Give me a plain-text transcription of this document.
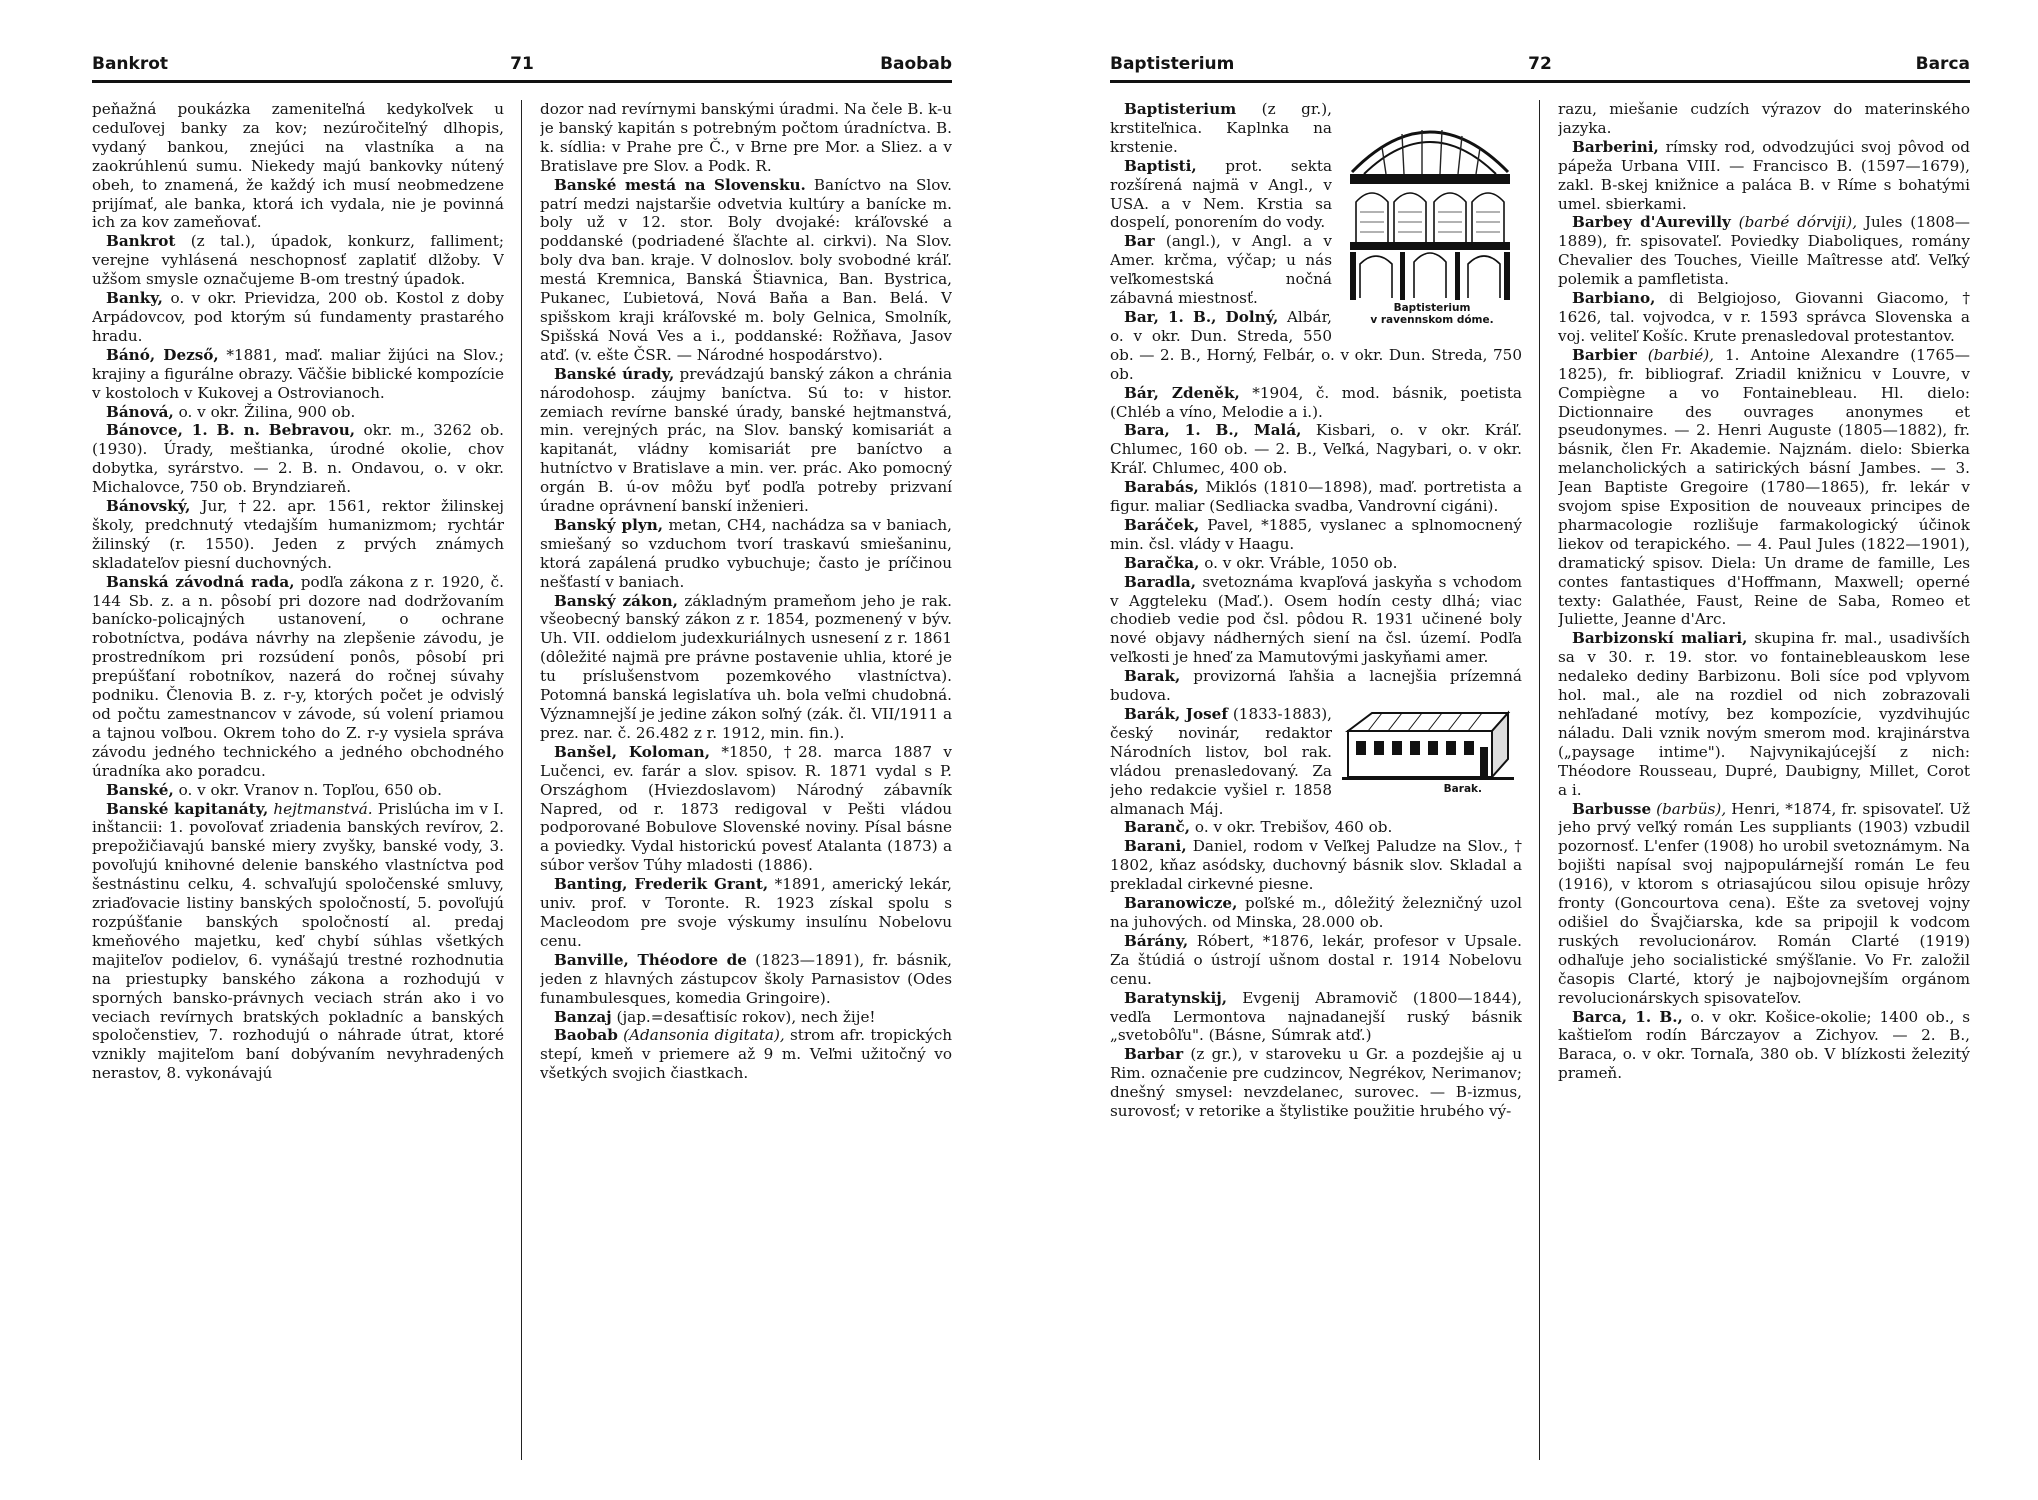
Bankrot	71	Baobab
peňažná poukázka zameniteľná kedykoľvek u ceduľovej banky za kov; nezúročiteľný dlhopis, vydaný bankou, znejúci na vlastníka a na zaokrúhlenú sumu. Niekedy majú bankovky nútený obeh, to znamená, že každý ich musí neobmedzene prijímať, ale banka, ktorá ich vydala, nie je povinná ich za kov zameňovať.
Bankrot (z tal.), úpadok, konkurz, falliment; verejne vyhlásená neschopnosť zaplatiť dlžoby. V užšom smysle označujeme B-om trestný úpadok.
Banky, o. v okr. Prievidza, 200 ob. Kostol z doby Arpádovcov, pod ktorým sú fundamenty prastarého hradu.
Bánó, Dezső, *1881, maď. maliar žijúci na Slov.; krajiny a figurálne obrazy. Väčšie biblické kompozície v kostoloch v Kukovej a Ostrovianoch.
Bánová, o. v okr. Žilina, 900 ob.
Bánovce, 1. B. n. Bebravou, okr. m., 3262 ob. (1930). Úrady, meštianka, úrodné okolie, chov dobytka, syrárstvo. — 2. B. n. Ondavou, o. v okr. Michalovce, 750 ob. Bryndziareň.
Bánovský, Jur, †22. apr. 1561, rektor žilinskej školy, predchnutý vtedajším humanizmom; rychtár žilinský (r. 1550). Jeden z prvých známych skladateľov piesní duchovných.
Banská závodná rada, podľa zákona z r. 1920, č. 144 Sb. z. a n. pôsobí pri dozore nad dodržovaním banícko-policajných ustanovení, o ochrane robotníctva, podáva návrhy na zlepšenie závodu, je prostredníkom pri rozsúdení ponôs, pôsobí pri prepúšťaní robotníkov, nazerá do ročnej súvahy podniku. Členovia B. z. r-y, ktorých počet je odvislý od počtu zamestnancov v závode, sú volení priamou a tajnou voľbou. Okrem toho do Z. r-y vysiela správa závodu jedného technického a jedného obchodného úradníka ako poradcu.
Banské, o. v okr. Vranov n. Topľou, 650 ob.
Banské kapitanáty, hejtmanstvá. Prislúcha im v I. inštancii: 1. povoľovať zriadenia banských revírov, 2. prepožičiavajú banské miery zvyšky, banské vody, 3. povoľujú knihovné delenie banského vlastníctva pod šestnástinu celku, 4. schvaľujú spoločenské smluvy, zriaďovacie listiny banských spoločností, 5. povoľujú rozpúšťanie banských spoločností al. predaj kmeňového majetku, keď chybí súhlas všetkých majiteľov podielov, 6. vynášajú trestné rozhodnutia na priestupky banského zákona a rozhodujú v sporných bansko-právnych veciach strán ako i vo veciach revírnych bratských pokladníc a banských spoločenstiev, 7. rozhodujú o náhrade útrat, ktoré vznikly majiteľom baní dobývaním nevyhradených nerastov, 8. vykonávajú
dozor nad revírnymi banskými úradmi. Na čele B. k-u je banský kapitán s potrebným počtom úradníctva. B. k. sídlia: v Prahe pre Č., v Brne pre Mor. a Sliez. a v Bratislave pre Slov. a Podk. R.
Banské mestá na Slovensku. Baníctvo na Slov. patrí medzi najstaršie odvetvia kultúry a banícke m. boly už v 12. stor. Boly dvojaké: kráľovské a poddanské (podriadené šľachte al. cirkvi). Na Slov. boly dva ban. kraje. V dolnoslov. boly svobodné kráľ. mestá Kremnica, Banská Štiavnica, Ban. Bystrica, Pukanec, Ľubietová, Nová Baňa a Ban. Belá. V spišskom kraji kráľovské m. boly Gelnica, Smolník, Spišská Nová Ves a i., poddanské: Rožňava, Jasov atď. (v. ešte ČSR. — Národné hospodárstvo).
Banské úrady, prevádzajú banský zákon a chránia národohosp. záujmy baníctva. Sú to: v histor. zemiach revírne banské úrady, banské hejtmanstvá, min. verejných prác, na Slov. banský komisariát a kapitanát, vládny komisariát pre baníctvo a hutníctvo v Bratislave a min. ver. prác. Ako pomocný orgán B. ú-ov môžu byť podľa potreby prizvaní úradne oprávnení banskí inženieri.
Banský plyn, metan, CH4, nachádza sa v baniach, smiešaný so vzduchom tvorí traskavú smiešaninu, ktorá zapálená prudko vybuchuje; často je príčinou nešťastí v baniach.
Banský zákon, základným prameňom jeho je rak. všeobecný banský zákon z r. 1854, pozmenený v býv. Uh. VII. oddielom judexkuriálnych usnesení z r. 1861 (dôležité najmä pre právne postavenie uhlia, ktoré je tu príslušenstvom pozemkového vlastníctva). Potomná banská legislatíva uh. bola veľmi chudobná. Významnejší je jedine zákon soľný (zák. čl. VII/1911 a prez. nar. č. 26.482 z r. 1912, min. fin.).
Banšel, Koloman, *1850, †28. marca 1887 v Lučenci, ev. farár a slov. spisov. R. 1871 vydal s P. Országhom (Hviezdoslavom) Národný zábavník Napred, od r. 1873 redigoval v Pešti vládou podporované Bobulove Slovenské noviny. Písal básne a poviedky. Vydal historickú povesť Atalanta (1873) a súbor veršov Túhy mladosti (1886).
Banting, Frederik Grant, *1891, americký lekár, univ. prof. v Toronte. R. 1923 získal spolu s Macleodom pre svoje výskumy insulínu Nobelovu cenu.
Banville, Théodore de (1823—1891), fr. básnik, jeden z hlavných zástupcov školy Parnasistov (Odes funambulesques, komedia Gringoire).
Banzaj (jap.=desaťtisíc rokov), nech žije!
Baobab (Adansonia digitata), strom afr. tropických stepí, kmeň v priemere až 9 m. Veľmi užitočný vo všetkých svojich čiastkach.
Baptisterium	72	Barca
Baptisterium
v ravennskom dóme.
Baptisterium (z gr.), krstiteľnica. Kaplnka na krstenie.
Baptisti, prot. sekta rozšírená najmä v Angl., v USA. a v Nem. Krstia sa dospelí, ponorením do vody.
Bar (angl.), v Angl. a v Amer. krčma, výčap; u nás veľkomestská nočná zábavná miestnosť.
Bar, 1. B., Dolný, Albár, o. v okr. Dun. Streda, 550 ob. — 2. B., Horný, Felbár, o. v okr. Dun. Streda, 750 ob.
Bár, Zdeněk, *1904, č. mod. básnik, poetista (Chléb a víno, Melodie a i.).
Bara, 1. B., Malá, Kisbari, o. v okr. Kráľ. Chlumec, 160 ob. — 2. B., Veľká, Nagybari, o. v okr. Kráľ. Chlumec, 400 ob.
Barabás, Miklós (1810—1898), maď. portretista a figur. maliar (Sedliacka svadba, Vandrovní cigáni).
Baráček, Pavel, *1885, vyslanec a splnomocnený min. čsl. vlády v Haagu.
Baračka, o. v okr. Vráble, 1050 ob.
Baradla, svetoznáma kvapľová jaskyňa s vchodom v Aggteleku (Maď.). Osem hodín cesty dlhá; viac chodieb vedie pod čsl. pôdou R. 1931 učinené boly nové objavy nádherných siení na čsl. území. Podľa veľkosti je hneď za Mamutovými jaskyňami amer.
Barak, provizorná ľahšia a lacnejšia prízemná budova.
Barak.
Barák, Josef (1833-1883), český novinár, redaktor Národních listov, bol rak. vládou prenasledovaný. Za jeho redakcie vyšiel r. 1858 almanach Máj.
Baranč, o. v okr. Trebišov, 460 ob.
Barani, Daniel, rodom v Veľkej Paludze na Slov., † 1802, kňaz asódsky, duchovný básnik slov. Skladal a prekladal cirkevné piesne.
Baranowicze, poľské m., dôležitý železničný uzol na juhových. od Minska, 28.000 ob.
Bárány, Róbert, *1876, lekár, profesor v Upsale. Za štúdiá o ústrojí ušnom dostal r. 1914 Nobelovu cenu.
Baratynskij, Evgenij Abramovič (1800—1844), vedľa Lermontova najnadanejší ruský básnik „svetobôľu". (Básne, Súmrak atď.)
Barbar (z gr.), v staroveku u Gr. a pozdejšie aj u Rim. označenie pre cudzincov, Negrékov, Nerimanov; dnešný smysel: nevzdelanec, surovec. — B-izmus, surovosť; v retorike a štylistike použitie hrubého vý-
razu, miešanie cudzích výrazov do materinského jazyka.
Barberini, rímsky rod, odvodzujúci svoj pôvod od pápeža Urbana VIII. — Francisco B. (1597—1679), zakl. B-skej knižnice a paláca B. v Ríme s bohatými umel. sbierkami.
Barbey d'Aurevilly (barbé dórviji), Jules (1808—1889), fr. spisovateľ. Poviedky Diaboliques, romány Chevalier des Touches, Vieille Maîtresse atď. Veľký polemik a pamfletista.
Barbiano, di Belgiojoso, Giovanni Giacomo, † 1626, tal. vojvodca, v r. 1593 správca Slovenska a voj. veliteľ Košíc. Krute prenasledoval protestantov.
Barbier (barbié), 1. Antoine Alexandre (1765—1825), fr. bibliograf. Zriadil knižnicu v Louvre, v Compiègne a vo Fontainebleau. Hl. dielo: Dictionnaire des ouvrages anonymes et pseudonymes. — 2. Henri Auguste (1805—1882), fr. básnik, člen Fr. Akademie. Najznám. dielo: Sbierka melancholických a satirických básní Jambes. — 3. Jean Baptiste Gregoire (1780—1865), fr. lekár v svojom spise Exposition de nouveaux principes de pharmacologie rozlišuje farmakologický účinok liekov od terapického. — 4. Paul Jules (1822—1901), dramatický spisov. Diela: Un drame de famille, Les contes fantastiques d'Hoffmann, Maxwell; operné texty: Galathée, Faust, Reine de Saba, Romeo et Juliette, Jeanne d'Arc.
Barbizonskí maliari, skupina fr. mal., usadivších sa v 30. r. 19. stor. vo fontainebleauskom lese nedaleko dediny Barbizonu. Boli síce pod vplyvom hol. mal., ale na rozdiel od nich zobrazovali nehľadané motívy, bez kompozície, vyzdvihujúc náladu. Dali vznik novým smerom mod. krajinárstva („paysage intime"). Najvynikajúcejší z nich: Théodore Rousseau, Dupré, Daubigny, Millet, Corot a i.
Barbusse (barbüs), Henri, *1874, fr. spisovateľ. Už jeho prvý veľký román Les suppliants (1903) vzbudil pozornosť. L'enfer (1908) ho urobil svetoznámym. Na bojišti napísal svoj najpopulárnejší román Le feu (1916), v ktorom s otriasajúcou silou opisuje hrôzy fronty (Goncourtova cena). Ešte za svetovej vojny odišiel do Švajčiarska, kde sa pripojil k vodcom ruských revolucionárov. Román Clarté (1919) odhaľuje jeho socialistické smýšľanie. Vo Fr. založil časopis Clarté, ktorý je najbojovnejším orgánom revolucionárskych spisovateľov.
Barca, 1. B., o. v okr. Košice-okolie; 1400 ob., s kaštieľom rodín Bárczayov a Zichyov. — 2. B., Baraca, o. v okr. Tornaľa, 380 ob. V blízkosti železitý prameň.
